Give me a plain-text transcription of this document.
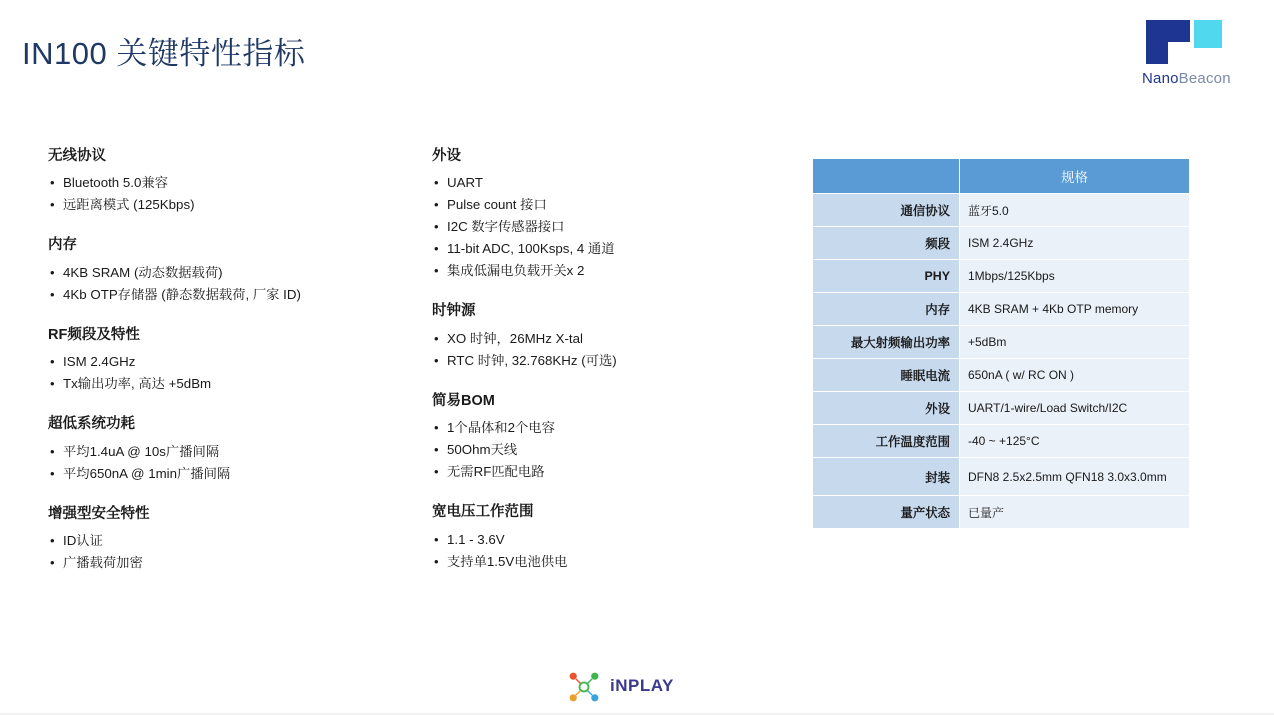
IN100 关键特性指标
NanoBeacon
无线协议
• Bluetooth 5.0兼容
• 远距离模式 (125Kbps)
内存
• 4KB SRAM (动态数据载荷)
• 4Kb OTP存储器 (静态数据载荷, 厂家 ID)
RF频段及特性
• ISM 2.4GHz
• Tx输出功率, 高达 +5dBm
超低系统功耗
• 平均1.4uA @ 10s广播间隔
• 平均650nA @ 1min广播间隔
增强型安全特性
• ID认证
• 广播载荷加密
外设
• UART
• Pulse count 接口
• I2C 数字传感器接口
• 11-bit ADC, 100Ksps, 4 通道
• 集成低漏电负载开关x 2
时钟源
• XO 时钟，26MHz X-tal
• RTC 时钟, 32.768KHz (可选)
简易BOM
• 1个晶体和2个电容
• 50Ohm天线
• 无需RF匹配电路
宽电压工作范围
• 1.1 - 3.6V
• 支持单1.5V电池供电
	规格
通信协议	蓝牙5.0
频段	ISM 2.4GHz
PHY	1Mbps/125Kbps
内存	4KB SRAM + 4Kb OTP memory
最大射频输出功率	+5dBm
睡眠电流	650nA ( w/ RC ON )
外设	UART/1-wire/Load Switch/I2C
工作温度范围	-40 ~ +125°C
封装	DFN8 2.5x2.5mm QFN18 3.0x3.0mm
量产状态	已量产
iNPLAY
